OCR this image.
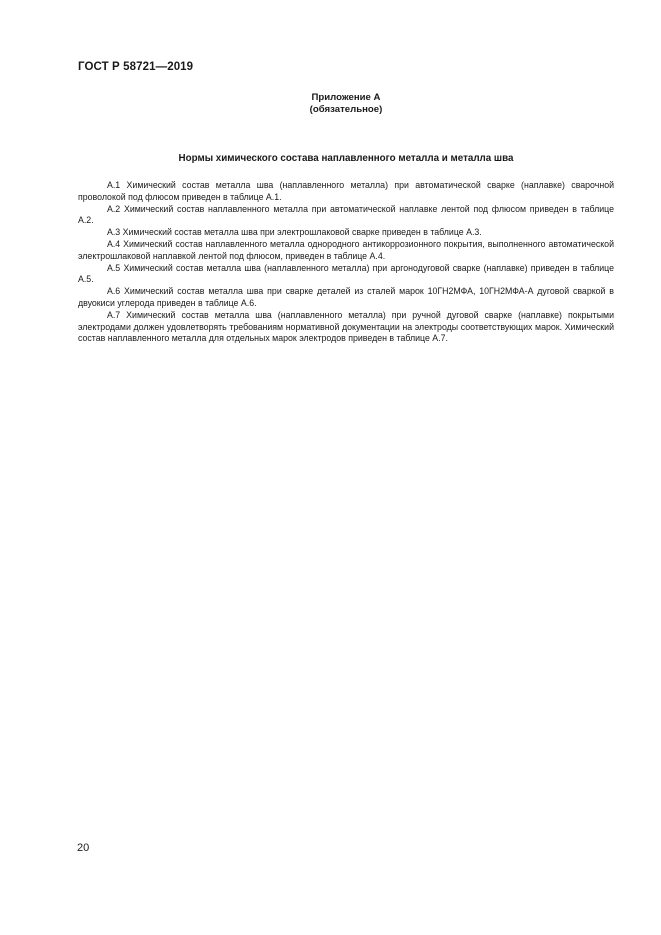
ГОСТ Р 58721—2019
Приложение А
(обязательное)
Нормы химического состава наплавленного металла и металла шва

А.1 Химический состав металла шва (наплавленного металла) при автоматической сварке (наплавке) сварочной проволокой под флюсом приведен в таблице А.1.

А.2 Химический состав наплавленного металла при автоматической наплавке лентой под флюсом приведен в таблице А.2.

А.3 Химический состав металла шва при электрошлаковой сварке приведен в таблице А.3.

А.4 Химический состав наплавленного металла однородного антикоррозионного покрытия, выполненного автоматической электрошлаковой наплавкой лентой под флюсом, приведен в таблице А.4.

А.5 Химический состав металла шва (наплавленного металла) при аргонодуговой сварке (наплавке) приведен в таблице А.5.

А.6 Химический состав металла шва при сварке деталей из сталей марок 10ГН2МФА, 10ГН2МФА-А дуговой сваркой в двуокиси углерода приведен в таблице А.6.

А.7 Химический состав металла шва (наплавленного металла) при ручной дуговой сварке (наплавке) покрытыми электродами должен удовлетворять требованиям нормативной документации на электроды соответствующих марок. Химический состав наплавленного металла для отдельных марок электродов приведен в таблице А.7.

20
